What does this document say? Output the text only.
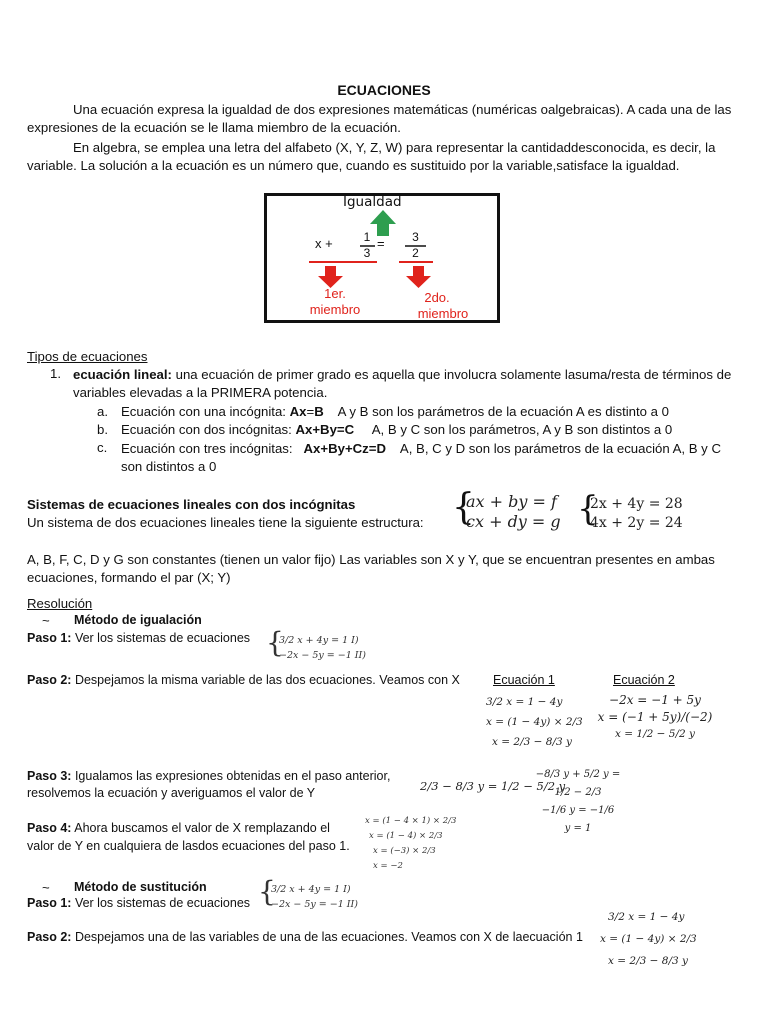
ECUACIONES

Una ecuación expresa la igualdad de dos expresiones matemáticas (numéricas oalgebraicas). A cada una de las expresiones de la ecuación se le llama miembro de la ecuación.

En algebra, se emplea una letra del alfabeto (X, Y, Z, W) para representar la cantidaddesconocida, es decir, la variable. La solución a la ecuación es un número que, cuando es sustituido por la variable,satisface la igualdad.

Igualdad
x +	1
3
=	3
2
1er.
miembro
2do.
miembro
Tipos de ecuaciones
1. ecuación lineal: una ecuación de primer grado es aquella que involucra solamente lasuma/resta de términos de variables elevadas a la PRIMERA potencia.
a. Ecuación con una incógnita: Ax=B    A y B son los parámetros de la ecuación A es distinto a 0
b. Ecuación con dos incógnitas: Ax+By=C     A, B y C son los parámetros, A y B son distintos a 0
c. Ecuación con tres incógnitas:   Ax+By+Cz=D    A, B, C y D son los parámetros de la ecuación A, B y C son distintos a 0
Sistemas de ecuaciones lineales con dos incógnitas
Un sistema de dos ecuaciones lineales tiene la siguiente estructura: {
ax + by = f
cx + dy = g {
2x + 4y = 28
4x + 2y = 24

A, B, F, C, D y G son constantes (tienen un valor fijo) Las variables son X y Y, que se encuentran presentes en ambas ecuaciones, formando el par (X; Y)

Resolución
~ Método de igualación
Paso 1: Ver los sistemas de ecuaciones {
3/2 x + 4y = 1 I)
−2x − 5y = −1 II)
Paso 2: Despejamos la misma variable de las dos ecuaciones. Veamos con X	Ecuación 1	Ecuación 2
3/2 x = 1 − 4y
x = (1 − 4y) × 2/3
x = 2/3 − 8/3 y
−2x = −1 + 5y
x = (−1 + 5y)/(−2)
x = 1/2 − 5/2 y
Paso 3: Igualamos las expresiones obtenidas en el paso anterior,
resolvemos la ecuación y averiguamos el valor de Y	2/3 − 8/3 y = 1/2 − 5/2 y
−8/3 y + 5/2 y = 1/2 − 2/3
−1/6 y = −1/6
y = 1
Paso 4: Ahora buscamos el valor de X remplazando el
valor de Y en cualquiera de lasdos ecuaciones del paso 1.
x = (1 − 4 × 1) × 2/3
x = (1 − 4) × 2/3
x = (−3) × 2/3
x = −2
~ Método de sustitución
Paso 1: Ver los sistemas de ecuaciones {
3/2 x + 4y = 1 I)
−2x − 5y = −1 II)
Paso 2: Despejamos una de las variables de una de las ecuaciones. Veamos con X de laecuación 1
3/2 x = 1 − 4y
x = (1 − 4y) × 2/3
x = 2/3 − 8/3 y
